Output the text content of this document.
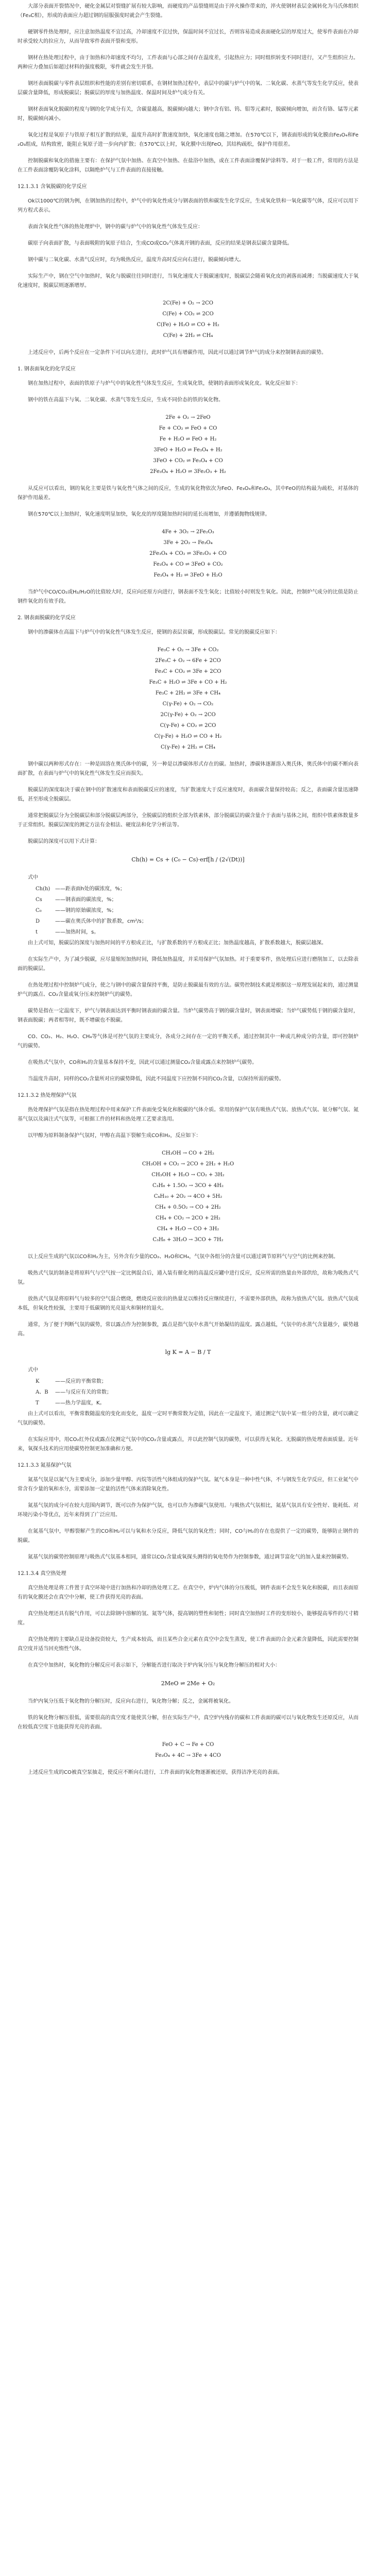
大部分表面开裂情况中，硬化金属层对裂缝扩展有较大影响，而硬度的产品裂缝则是由于淬火操作带来的，淬火使钢材表层金属转化为马氏体组织（Fe₃C相），形成的表面应力超过钢的屈服强度时就会产生裂缝。

硬钢零件热处理时，应注意加热温度不宜过高，冷却速度不宜过快，保温时间不宜过长，否则容易造成表面硬化层的厚度过大，使零件表面在冷却时承受较大的拉应力，从而导致零件表面开裂和变形。

钢材在热处理过程中，由于加热和冷却速度不均匀，工件表面与心部之间存在温度差，引起热应力；同时组织转变不同时进行，又产生组织应力。两种应力叠加后如超过材料的强度极限，零件就会发生开裂。

钢坯表面脱碳与零件表层组织和性能的差别有密切联系，在钢材加热过程中，表层中的碳与炉气中的氧、二氧化碳、水蒸气等发生化学反应，使表层碳含量降低，形成脱碳层；脱碳层的厚度与加热温度、保温时间及炉气成分有关。

钢材表面氧化脱碳的程度与钢的化学成分有关，含碳量越高，脱碳倾向越大；钢中含有铝、钨、钼等元素时，脱碳倾向增加，而含有铬、锰等元素时，脱碳倾向减小。

氧化过程是氧原子与铁原子相互扩散的结果，温度升高时扩散速度加快，氧化速度也随之增加。在570℃以下，钢表面形成的氧化膜由Fe₃O₄和Fe₂O₃组成，结构致密，能阻止氧原子进一步向内扩散；在570℃以上时，氧化膜中出现FeO，其结构疏松，保护作用很差。

控制脱碳和氧化的措施主要有：在保护气氛中加热、在真空中加热、在盐浴中加热，或在工件表面涂覆保护涂料等。对于一般工件，常用的方法是在工件表面涂覆防氧化涂料，以隔绝炉气与工件表面的直接接触。

12.1.3.1 含氧脱碳的化学反应

Ok以1000℃的钢为例，在钢加热的过程中，炉气中的氧化性成分与钢表面的铁和碳发生化学反应，生成氧化铁和一氧化碳等气体，反应可以用下列方程式表示。

表面含氧化性气体的热处理炉中，钢中的碳与炉气中的氧化性气体发生反应：

碳原子向表面扩散，与表面吸附的氧原子结合，生成CO或CO₂气体离开钢的表面，反应的结果是钢表层碳含量降低。

钢中碳与二氧化碳、水蒸气反应时，均为吸热反应，温度升高时反应向右进行，脱碳倾向增大。

实际生产中，钢在空气中加热时，氧化与脱碳往往同时进行，当氧化速度大于脱碳速度时，脱碳层会随着氧化皮的剥落而减薄；当脱碳速度大于氧化速度时，脱碳层则逐渐增厚。

2C(Fe) + O₂ → 2CO
C(Fe) + CO₂ ⇌ 2CO
C(Fe) + H₂O ⇌ CO + H₂
C(Fe) + 2H₂ ⇌ CH₄

上述反应中，后两个反应在一定条件下可以向左进行，此时炉气具有增碳作用，因此可以通过调节炉气的成分来控制钢表面的碳势。

1. 钢表面氧化的化学反应

钢在加热过程中，表面的铁原子与炉气中的氧化性气体发生反应，生成氧化铁，使钢的表面形成氧化皮。氧化反应如下：

钢中的铁在高温下与氧、二氧化碳、水蒸气等发生反应，生成不同价态的铁的氧化物。

2Fe + O₂ → 2FeO
Fe + CO₂ ⇌ FeO + CO
Fe + H₂O ⇌ FeO + H₂
3FeO + H₂O ⇌ Fe₃O₄ + H₂
3FeO + CO₂ ⇌ Fe₃O₄ + CO
2Fe₃O₄ + H₂O ⇌ 3Fe₂O₃ + H₂

从反应可以看出，钢的氧化主要是铁与氧化性气体之间的反应，生成的氧化物依次为FeO、Fe₃O₄和Fe₂O₃，其中FeO的结构最为疏松，对基体的保护作用最差。

钢在570℃以上加热时，氧化速度明显加快，氧化皮的厚度随加热时间的延长而增加，并遵循抛物线规律。

4Fe + 3O₂ → 2Fe₂O₃
3Fe + 2O₂ → Fe₃O₄
2Fe₃O₄ + CO₂ ⇌ 3Fe₂O₃ + CO
Fe₃O₄ + CO ⇌ 3FeO + CO₂
Fe₃O₄ + H₂ ⇌ 3FeO + H₂O

当炉气中CO/CO₂或H₂/H₂O的比值较大时，反应向还原方向进行，钢表面不发生氧化；比值较小时则发生氧化。因此，控制炉气成分的比值是防止钢件氧化的有效手段。

2. 钢表面脱碳的化学反应

钢中的渗碳体在高温下与炉气中的氧化性气体发生反应，使钢的表层贫碳，形成脱碳层。常见的脱碳反应如下：

Fe₃C + O₂ → 3Fe + CO₂
2Fe₃C + O₂ → 6Fe + 2CO
Fe₃C + CO₂ ⇌ 3Fe + 2CO
Fe₃C + H₂O ⇌ 3Fe + CO + H₂
Fe₃C + 2H₂ ⇌ 3Fe + CH₄
C(γ-Fe) + O₂ → CO₂
2C(γ-Fe) + O₂ → 2CO
C(γ-Fe) + CO₂ ⇌ 2CO
C(γ-Fe) + H₂O ⇌ CO + H₂
C(γ-Fe) + 2H₂ ⇌ CH₄

钢中碳以两种形式存在：一种是固溶在奥氏体中的碳，另一种是以渗碳体形式存在的碳。加热时，渗碳体逐渐溶入奥氏体，奥氏体中的碳不断向表面扩散，在表面与炉气中的氧化性气体发生反应而损失。

脱碳层的深度取决于碳在钢中的扩散速度和表面脱碳反应的速度，当扩散速度大于反应速度时，表面碳含量保持较高；反之，表面碳含量迅速降低，甚至形成全脱碳层。

通常把脱碳层分为全脱碳层和部分脱碳层两部分，全脱碳层的组织全部为铁素体，部分脱碳层的碳含量介于表面与基体之间，组织中铁素体数量多于正常组织。脱碳层深度的测定方法有金相法、硬度法和化学分析法等。

脱碳层的深度可以用下式计算：

Ch(h) = Cs + (C₀ − Cs)·erf[h / (2√(Dt))]

式中

Ch(h) ——距表面h处的碳浓度，%；

Cs	——钢表面的碳浓度，%；

C₀	——钢的原始碳浓度，%；

D	——碳在奥氏体中的扩散系数，cm²/s；

t	——加热时间，s。

由上式可知，脱碳层的深度与加热时间的平方根成正比，与扩散系数的平方根成正比；加热温度越高，扩散系数越大，脱碳层越深。

在实际生产中，为了减少脱碳，应尽量缩短加热时间，降低加热温度，并采用保护气氛加热。对于重要零件，热处理后应进行磨削加工，以去除表面的脱碳层。

在热处理过程中控制炉气成分，使之与钢中的碳含量保持平衡，是防止脱碳最有效的方法。碳势控制技术就是根据这一原理发展起来的，通过测量炉气的露点、CO₂含量或氧分压来控制炉气的碳势。

碳势是指在一定温度下，炉气与钢表面达到平衡时钢表面的碳含量。当炉气碳势高于钢的碳含量时，钢表面增碳；当炉气碳势低于钢的碳含量时，钢表面脱碳；两者相等时，既不增碳也不脱碳。

CO、CO₂、H₂、H₂O、CH₄等气体是可控气氛的主要成分，各成分之间存在一定的平衡关系，通过控制其中一种或几种成分的含量，即可控制炉气的碳势。

在吸热式气氛中，CO和H₂的含量基本保持不变，因此可以通过测量CO₂含量或露点来控制炉气碳势。

当温度升高时，同样的CO₂含量所对应的碳势降低，因此不同温度下应控制不同的CO₂含量，以保持所需的碳势。

12.1.3.2 热处理保护气氛

热处理保护气氛是指在热处理过程中用来保护工件表面免受氧化和脱碳的气体介质。常用的保护气氛有吸热式气氛、放热式气氛、氨分解气氛、氮基气氛以及滴注式气氛等，可根据工件的材料和热处理工艺要求选用。

以甲醇为原料制备保护气氛时，甲醇在高温下裂解生成CO和H₂，反应如下：

CH₃OH → CO + 2H₂
CH₃OH + CO₂ → 2CO + 2H₂ + H₂O
CH₃OH + H₂O → CO₂ + 3H₂
C₃H₈ + 1.5O₂ → 3CO + 4H₂
C₄H₁₀ + 2O₂ → 4CO + 5H₂
CH₄ + 0.5O₂ → CO + 2H₂
CH₄ + CO₂ → 2CO + 2H₂
CH₄ + H₂O → CO + 3H₂
C₃H₈ + 3H₂O → 3CO + 7H₂

以上反应生成的气氛以CO和H₂为主，另外含有少量的CO₂、H₂O和CH₄，气氛中各组分的含量可以通过调节原料气与空气的比例来控制。

吸热式气氛的制备是将原料气与空气按一定比例混合后，通入装有催化剂的高温反应罐中进行反应，反应所需的热量由外部供给，故称为吸热式气氛。

放热式气氛是将原料气与较多的空气混合燃烧，燃烧反应放出的热量足以维持反应继续进行，不需要外部供热，故称为放热式气氛。放热式气氛成本低，但氧化性较强，主要用于低碳钢的光亮退火和铜材的退火。

通常，为了便于判断气氛的碳势，常以露点作为控制参数，露点是指气氛中水蒸气开始凝结的温度。露点越低，气氛中的水蒸气含量越少，碳势越高。

lg K = A − B / T

式中

K	——反应的平衡常数；

A、B ——与反应有关的常数；

T	——热力学温度，K。

由上式可以看出，平衡常数随温度的变化而变化，温度一定时平衡常数为定值，因此在一定温度下，通过测定气氛中某一组分的含量，就可以确定气氛的碳势。

在实际应用中，用CO₂红外仪或露点仪测定气氛中的CO₂含量或露点，并以此控制气氛的碳势，可以获得无氧化、无脱碳的热处理表面质量。近年来，氧探头技术的应用使碳势控制更加准确和方便。

12.1.3.3 氮基保护气氛

氮基气氛是以氮气为主要成分，添加少量甲醇、丙烷等活性气体组成的保护气氛。氮气本身是一种中性气体，不与钢发生化学反应，但工业氮气中常含有少量的氧和水分，需要添加一定量的活性气体来消除氧化性。

氮基气氛的成分可在较大范围内调节，既可以作为保护气氛，也可以作为渗碳气氛使用。与吸热式气氛相比，氮基气氛具有安全性好、能耗低、对环境污染小等优点，近年来得到了广泛应用。

在氮基气氛中，甲醇裂解产生的CO和H₂可以与氧和水分反应，降低气氛的氧化性；同时，CO与H₂的存在也提供了一定的碳势，能够防止钢件的脱碳。

氮基气氛的碳势控制原理与吸热式气氛基本相同，通常以CO₂含量或氧探头测得的氧电势作为控制参数，通过调节富化气的加入量来控制碳势。

12.1.3.4 真空热处理

真空热处理是将工件置于真空环境中进行加热和冷却的热处理工艺。在真空中，炉内气体的分压极低，钢件表面不会发生氧化和脱碳，而且表面原有的氧化膜还会在真空中分解，使工件获得光亮的表面。

真空热处理还具有脱气作用，可以去除钢中溶解的氢、氮等气体，提高钢的塑性和韧性；同时真空加热时工件的变形较小，能够提高零件的尺寸精度。

真空热处理的主要缺点是设备投资较大，生产成本较高，而且某些合金元素在真空中会发生蒸发，使工件表面的合金元素含量降低，因此需要控制真空度并适当回充惰性气体。

在真空中加热时，氧化物的分解反应可表示如下，分解能否进行取决于炉内氧分压与氧化物分解压的相对大小：

2MeO ⇌ 2Me + O₂

当炉内氧分压低于氧化物的分解压时，反应向右进行，氧化物分解；反之，金属将被氧化。

铁的氧化物分解压很低，需要很高的真空度才能使其分解，但在实际生产中，真空炉内残存的碳和工件表面的碳可以与氧化物发生还原反应，从而在较低真空度下也能获得光亮的表面。

FeO + C → Fe + CO
Fe₃O₄ + 4C → 3Fe + 4CO

上述反应生成的CO被真空泵抽走，使反应不断向右进行，工件表面的氧化物逐渐被还原，获得洁净光亮的表面。
